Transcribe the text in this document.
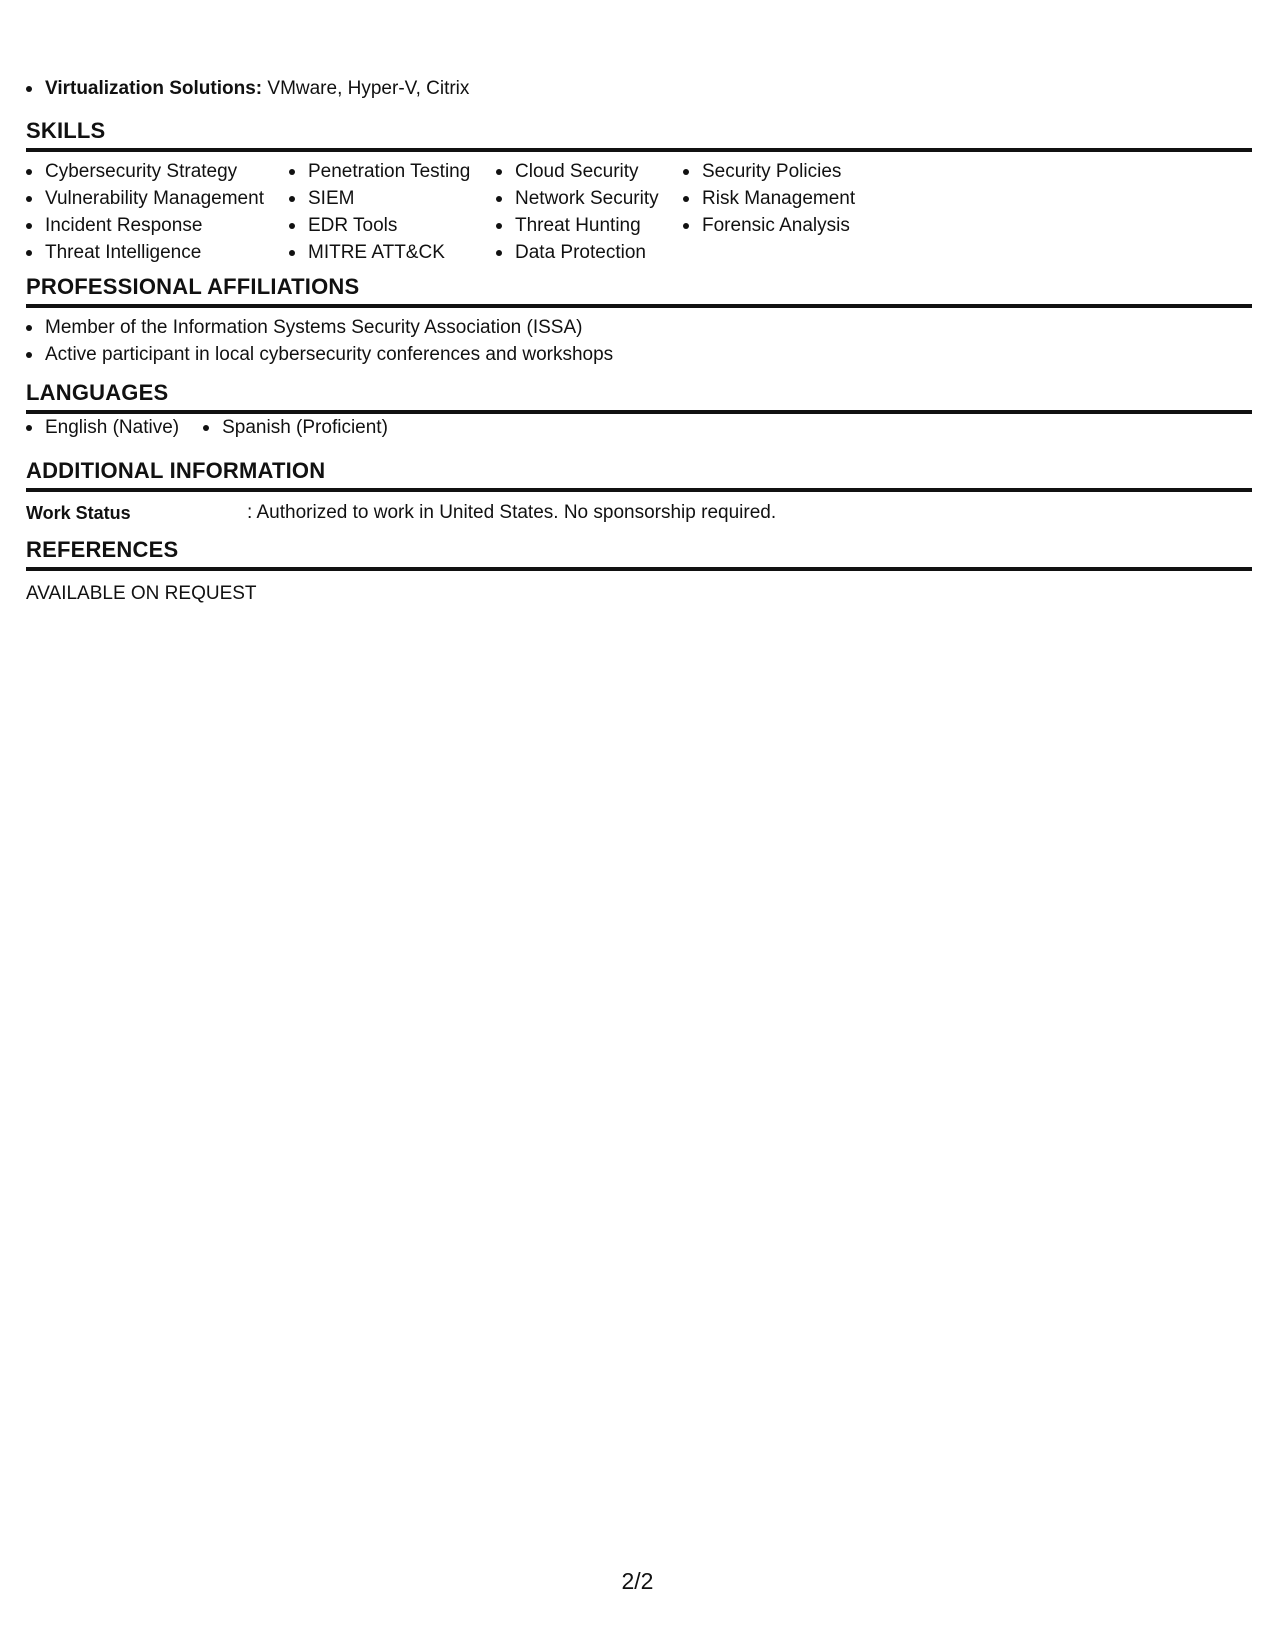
Virtualization Solutions: VMware, Hyper-V, Citrix
SKILLS
Cybersecurity Strategy
Vulnerability Management
Incident Response
Threat Intelligence
Penetration Testing
SIEM
EDR Tools
MITRE ATT&CK
Cloud Security
Network Security
Threat Hunting
Data Protection
Security Policies
Risk Management
Forensic Analysis
PROFESSIONAL AFFILIATIONS
Member of the Information Systems Security Association (ISSA)
Active participant in local cybersecurity conferences and workshops
LANGUAGES
English (Native) Spanish (Proficient)
ADDITIONAL INFORMATION
Work Status	: Authorized to work in United States. No sponsorship required.
REFERENCES
AVAILABLE ON REQUEST
2/2
